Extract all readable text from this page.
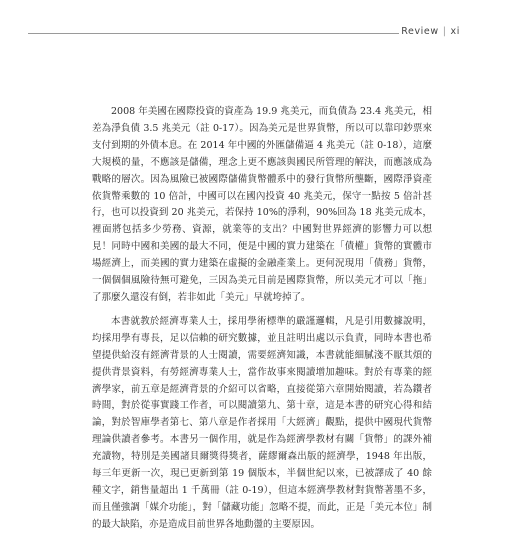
Review | xi

2008 年美國在國際投資的資產為 19.9 兆美元，而負債為 23.4 兆美元，相差為淨負債 3.5 兆美元（註 0-17）。因為美元是世界貨幣，所以可以靠印鈔票來支付到期的外債本息。在 2014 年中國的外匯儲備逼 4 兆美元（註 0-18），這麼大規模的量，不應該是儲備，理念上更不應該與國民所管理的解決，而應該成為戰略的層次。因為風險已被國際儲備貨幣體系中的發行貨幣所壟斷，國際淨資產依貨幣乘數的 10 倍計，中國可以在國內投資 40 兆美元，保守一點按 5 倍計甚行，也可以投資到 20 兆美元，若保持 10%的淨利，90%回為 18 兆美元成本，裡面將包括多少勞務、資源，就業等的支出？中國對世界經濟的影響力可以想見！同時中國和美國的最大不同，便是中國的實力建築在「債權」貨幣的實體市場經濟上，而美國的實力建築在虛擬的金融產業上。更何況現用「債務」貨幣，一個個個風險待無可避免，三因為美元目前是國際貨幣，所以美元才可以「拖」了那麼久還沒有倒，若非如此「美元」早就垮掉了。

本書就教於經濟專業人士，採用學術標準的嚴謹邏輯，凡是引用數據說明，均採用學有專長，足以信賴的研究數據，並且註明出處以示負責，同時本書也希望提供給沒有經濟背景的人士閱讀，需要經濟知識，本書就能細膩淺不厭其煩的提供背景資料，有勞經濟專業人士，當作故事來閱讀增加趣味。對於有專業的經濟學家，前五章是經濟背景的介紹可以省略，直接從第六章開始閱讀，若為鑽者時間，對於從事實踐工作者，可以閱讀第九、第十章，這是本書的研究心得和結論，對於智庫學者第七、第八章是作者採用「大經濟」觀點，提供中國現代貨幣理論供讀者參考。本書另一個作用，就是作為經濟學教材有關「貨幣」的課外補充讀物，特別是美國諸貝爾獎得獎者，薩繆爾森出版的經濟學，1948 年出版，每三年更新一次，現已更新到第 19 個版本，半個世紀以來，已被譯成了 40 餘種文字，銷售量超出 1 千萬冊（註 0-19），但這本經濟學教材對貨幣著墨不多，而且僅強調「媒介功能」，對「儲藏功能」忽略不提，而此，正是「美元本位」制的最大缺陷，亦是造成目前世界各地動盪的主要原因。
